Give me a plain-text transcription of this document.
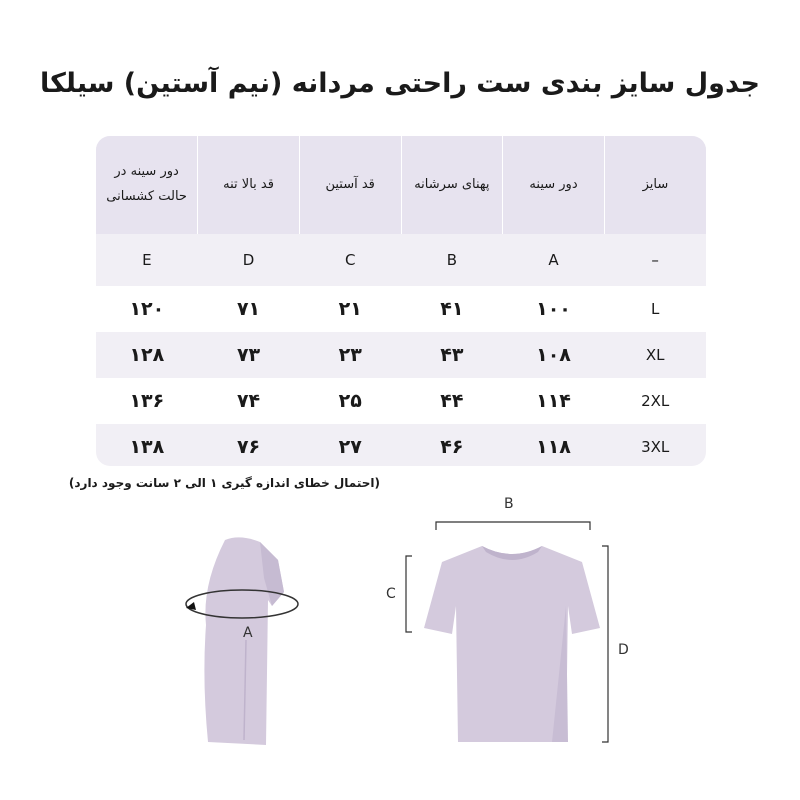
جدول سایز بندی ست راحتی مردانه (نیم آستین) سیلکا
سایز	دور سینه	پهنای سرشانه	قد آستین	قد بالا تنه	دور سینه در حالت کشسانی
–	A	B	C	D	E
L	۱۰۰	۴۱	۲۱	۷۱	۱۲۰
XL	۱۰۸	۴۳	۲۳	۷۳	۱۲۸
2XL	۱۱۴	۴۴	۲۵	۷۴	۱۳۶
3XL	۱۱۸	۴۶	۲۷	۷۶	۱۳۸
(احتمال خطای اندازه گیری ۱ الی ۲ سانت وجود دارد)
A
B
C
D
